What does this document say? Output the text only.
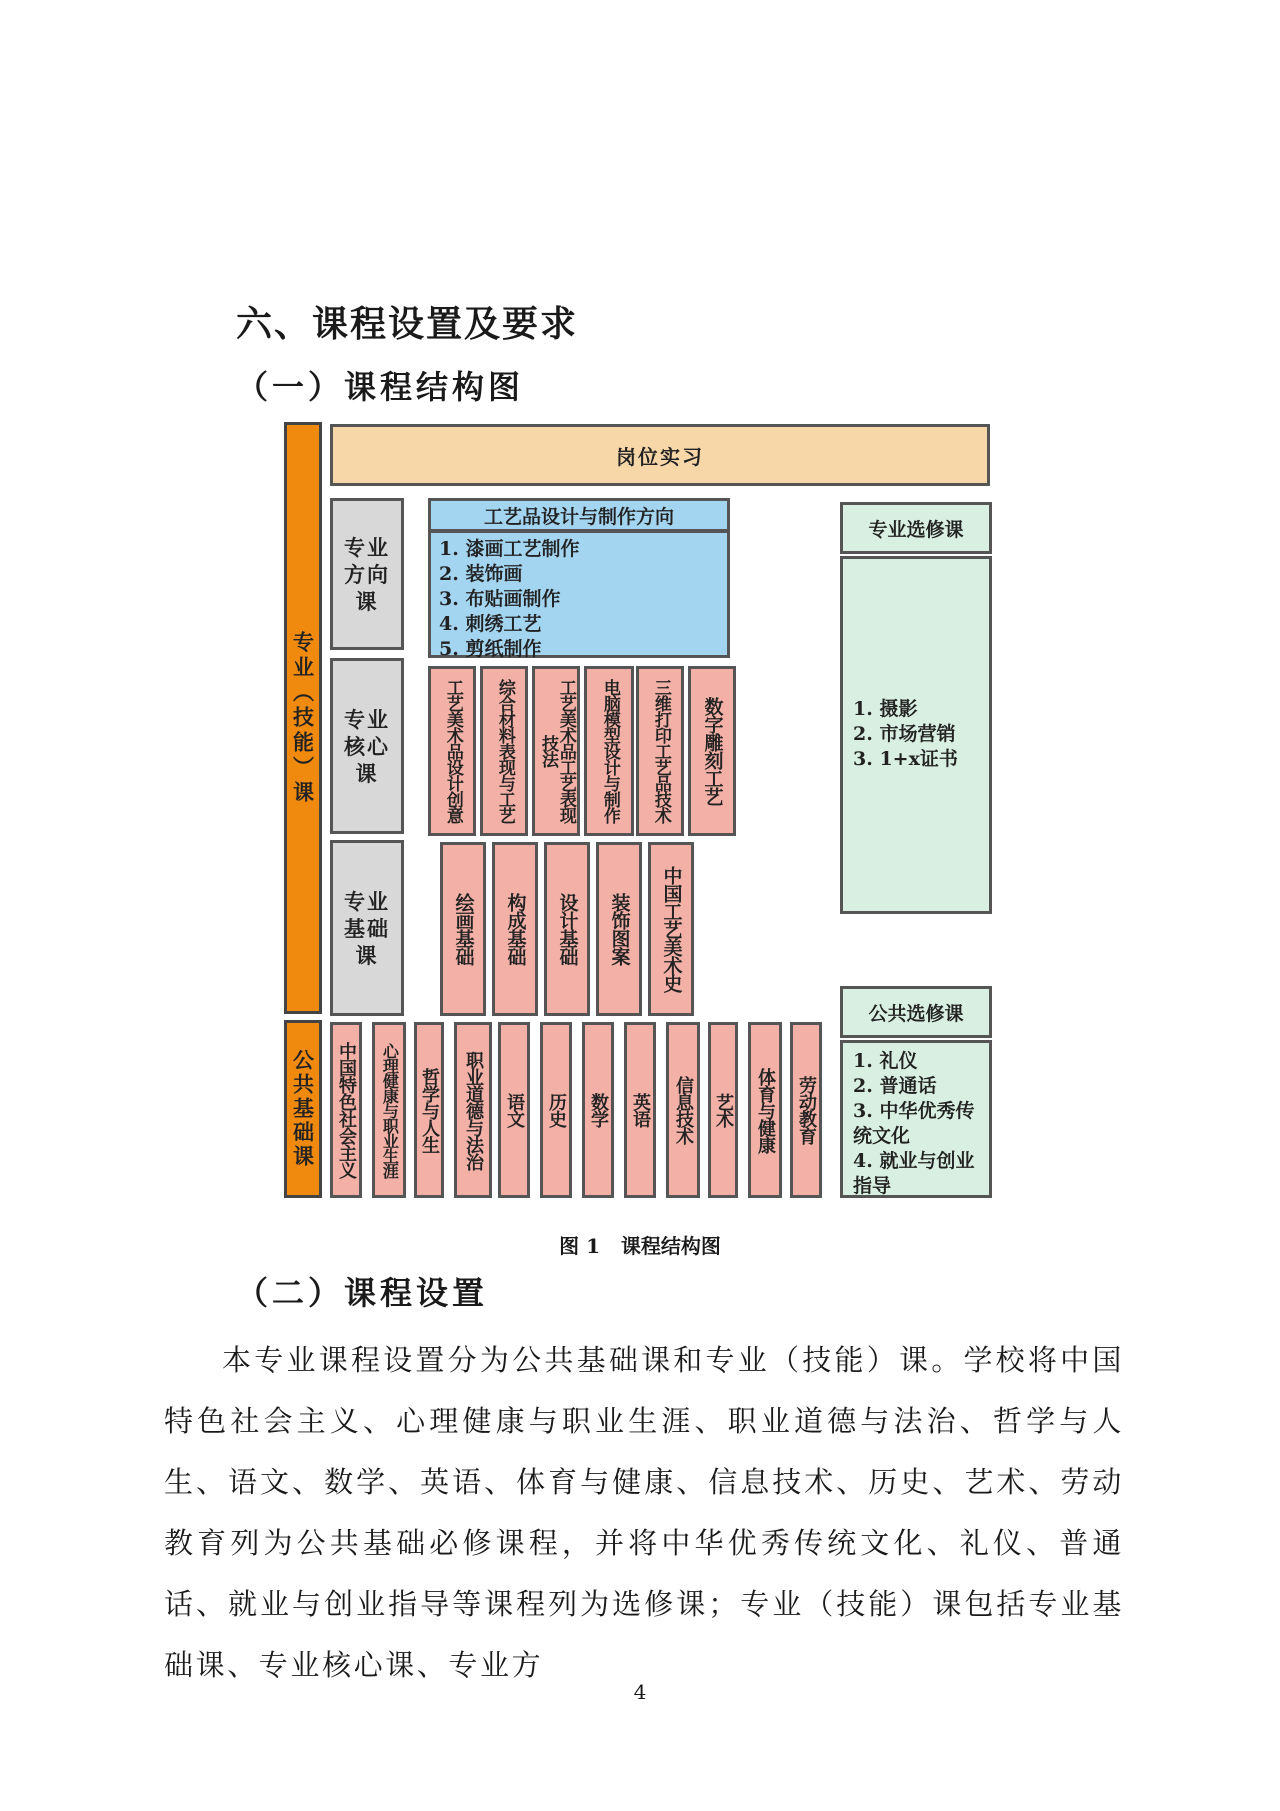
六、课程设置及要求
（一）课程结构图
专业（技能）课
公共基础课
岗位实习
专业方向课
专业核心课
专业基础课
工艺品设计与制作方向
1. 漆画工艺制作
2. 装饰画
3. 布贴画制作
4. 刺绣工艺
5. 剪纸制作
工艺美术品设计创意	综合材料表现与工艺	工艺美术品工艺表现技法	电脑模型设计与制作	三维打印工艺品技术	数字雕刻工艺
绘画基础	构成基础	设计基础	装饰图案	中国工艺美术史
中国特色社会主义	心理健康与职业生涯	哲学与人生	职业道德与法治	语文	历史	数学	英语	信息技术	艺术	体育与健康	劳动教育
专业选修课
1. 摄影
2. 市场营销
3. 1+x证书
公共选修课
1. 礼仪
2. 普通话
3. 中华优秀传统文化
4. 就业与创业指导
图 1   课程结构图
（二）课程设置
本专业课程设置分为公共基础课和专业（技能）课。学校将中国特色社会主义、心理健康与职业生涯、职业道德与法治、哲学与人生、语文、数学、英语、体育与健康、信息技术、历史、艺术、劳动教育列为公共基础必修课程，并将中华优秀传统文化、礼仪、普通话、就业与创业指导等课程列为选修课；专业（技能）课包括专业基础课、专业核心课、专业方
4
